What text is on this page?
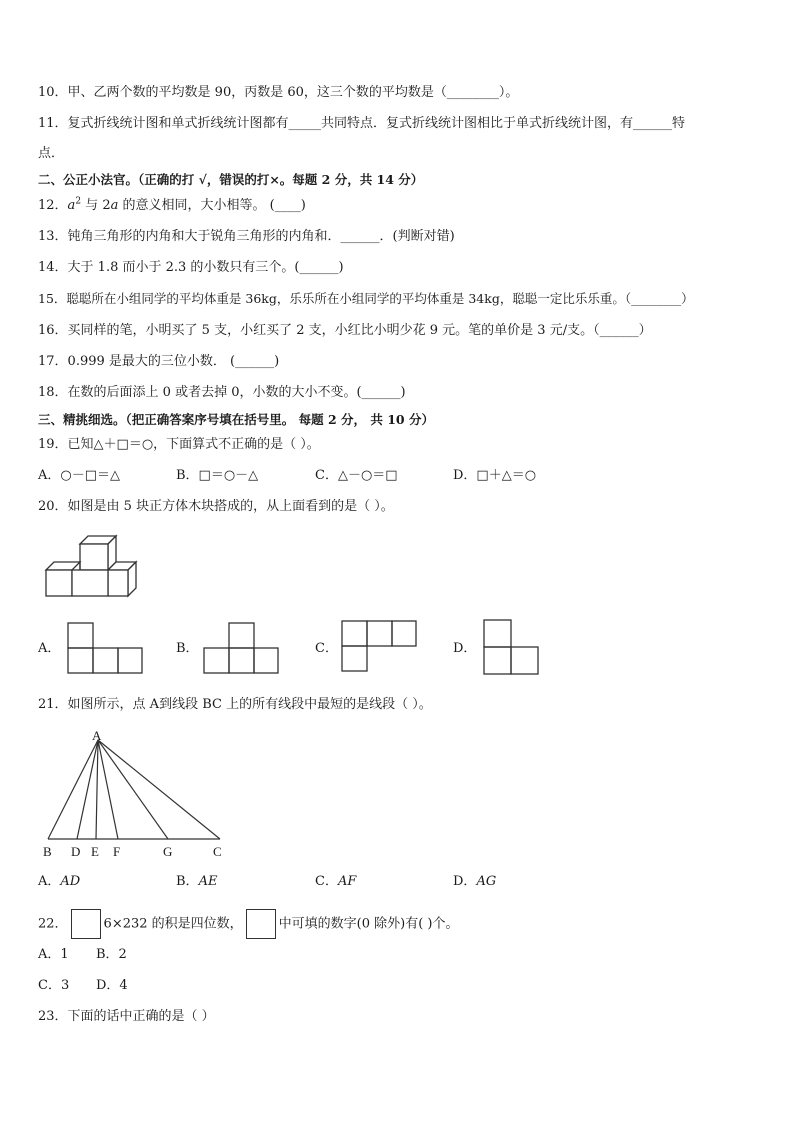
10．甲、乙两个数的平均数是 90，丙数是 60，这三个数的平均数是（________）。
11．复式折线统计图和单式折线统计图都有_____共同特点．复式折线统计图相比于单式折线统计图，有______特
点．
二、公正小法官。（正确的打 √，错误的打×。每题 2 分，共 14 分）
12．$a^2$ 与 2a 的意义相同，大小相等。 (____)
13．钝角三角形的内角和大于锐角三角形的内角和．______．(判断对错)
14．大于 1.8 而小于 2.3 的小数只有三个。(______)
15．聪聪所在小组同学的平均体重是 36kg，乐乐所在小组同学的平均体重是 34kg，聪聪一定比乐乐重。（________）
16．买同样的笔，小明买了 5 支，小红买了 2 支，小红比小明少花 9 元。笔的单价是 3 元/支。（______）
17．0.999 是最大的三位小数． (______)
18．在数的后面添上 0 或者去掉 0，小数的大小不变。(______)
三、精挑细选。（把正确答案序号填在括号里。 每题 2 分， 共 10 分）
19．已知△＋□＝○，下面算式不正确的是（ ）。
A．○－□＝△	B．□＝○－△	C．△－○＝□	D．□＋△＝○
20．如图是由 5 块正方体木块搭成的，从上面看到的是（ ）。
A．	B．	C．	D．
21．如图所示，点 A到线段 BC 上的所有线段中最短的是线段（ ）。
A
B D E F	G	C
A．AD	B．AE	C．AF	D．AG
22．	6×232 的积是四位数，	中可填的数字(0 除外)有( )个。
A．1 B．2
C．3 D．4
23．下面的话中正确的是（ ）
